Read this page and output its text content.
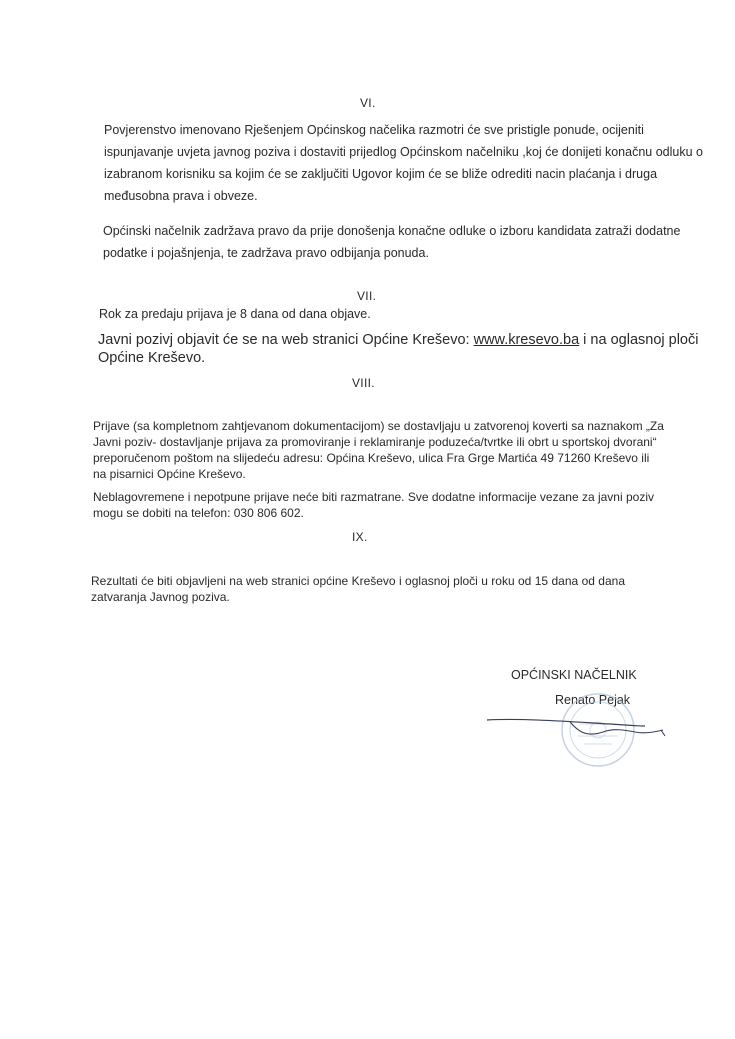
VI.
Povjerenstvo imenovano Rješenjem Općinskog načelika razmotri će sve pristigle ponude, ocijeniti
ispunjavanje uvjeta javnog poziva i dostaviti prijedlog Općinskom načelniku ,koj će donijeti konačnu odluku o
izabranom korisniku sa kojim će se zaključiti Ugovor kojim će se bliže odrediti nacin plaćanja i druga
međusobna prava i obveze.
Općinski načelnik zadržava pravo da prije donošenja konačne odluke o izboru kandidata zatraži dodatne
podatke i pojašnjenja, te zadržava pravo odbijanja ponuda.
VII.
Rok za predaju prijava je 8 dana od dana objave.
Javni pozivj objavit će se na web stranici Općine Kreševo: www.kresevo.ba i na oglasnoj ploči
Općine Kreševo.
VIII.
Prijave (sa kompletnom zahtjevanom dokumentacijom) se dostavljaju u zatvorenoj koverti sa naznakom „Za
Javni poziv- dostavljanje prijava za promoviranje i reklamiranje poduzeća/tvrtke ili obrt u sportskoj dvorani“
preporučenom poštom na slijedeću adresu: Općina Kreševo, ulica Fra Grge Martića 49 71260 Kreševo ili
na pisarnici Općine Kreševo.
Neblagovremene i nepotpune prijave neće biti razmatrane. Sve dodatne informacije vezane za javni poziv
mogu se dobiti na telefon: 030 806 602.
IX.
Rezultati će biti objavljeni na web stranici općine Kreševo i oglasnoj ploči u roku od 15 dana od dana
zatvaranja Javnog poziva.
OPĆINSKI NAČELNIK
Renato Pejak
